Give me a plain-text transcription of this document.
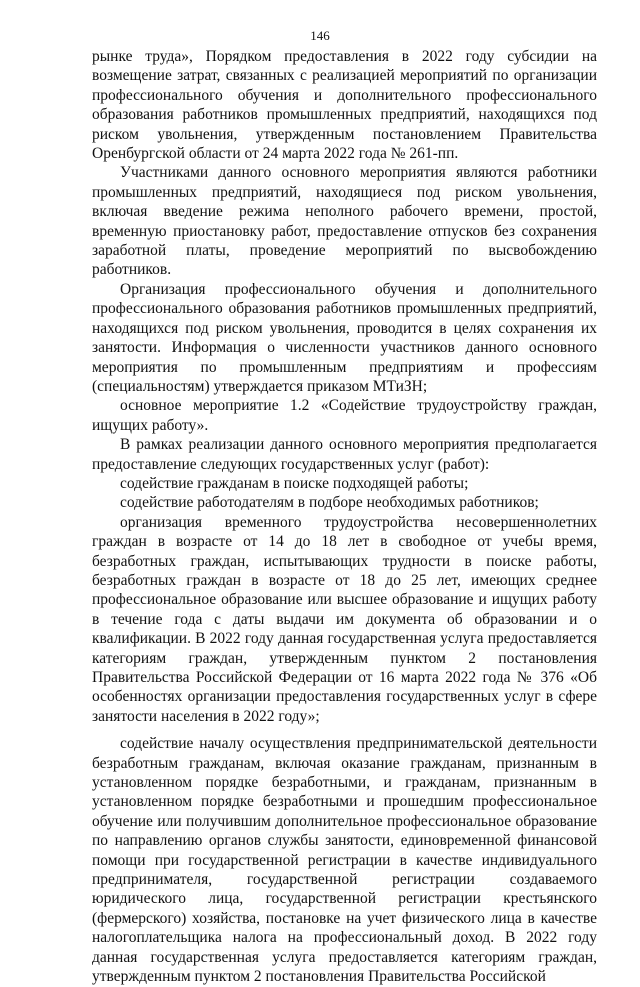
146

рынке труда», Порядком предоставления в 2022 году субсидии на возмещение затрат, связанных с реализацией мероприятий по организации профессионального обучения и дополнительного профессионального образования работников промышленных предприятий, находящихся под риском увольнения, утвержденным постановлением Правительства Оренбургской области от 24 марта 2022 года № 261-пп.

Участниками данного основного мероприятия являются работники промышленных предприятий, находящиеся под риском увольнения, включая введение режима неполного рабочего времени, простой, временную приостановку работ, предоставление отпусков без сохранения заработной платы, проведение мероприятий по высвобождению работников.

Организация профессионального обучения и дополнительного профессионального образования работников промышленных предприятий, находящихся под риском увольнения, проводится в целях сохранения их занятости. Информация о численности участников данного основного мероприятия по промышленным предприятиям и профессиям (специальностям) утверждается приказом МТиЗН;

основное мероприятие 1.2 «Содействие трудоустройству граждан, ищущих работу».

В рамках реализации данного основного мероприятия предполагается предоставление следующих государственных услуг (работ):

содействие гражданам в поиске подходящей работы;

содействие работодателям в подборе необходимых работников;

организация временного трудоустройства несовершеннолетних граждан в возрасте от 14 до 18 лет в свободное от учебы время, безработных граждан, испытывающих трудности в поиске работы, безработных граждан в возрасте от 18 до 25 лет, имеющих среднее профессиональное образование или высшее образование и ищущих работу в течение года с даты выдачи им документа об образовании и о квалификации. В 2022 году данная государственная услуга предоставляется категориям граждан, утвержденным пунктом 2 постановления Правительства Российской Федерации от 16 марта 2022 года № 376 «Об особенностях организации предоставления государственных услуг в сфере занятости населения в 2022 году»;

содействие началу осуществления предпринимательской деятельности безработным гражданам, включая оказание гражданам, признанным в установленном порядке безработными, и гражданам, признанным в установленном порядке безработными и прошедшим профессиональное обучение или получившим дополнительное профессиональное образование по направлению органов службы занятости, единовременной финансовой помощи при государственной регистрации в качестве индивидуального предпринимателя, государственной регистрации создаваемого юридического лица, государственной регистрации крестьянского (фермерского) хозяйства, постановке на учет физического лица в качестве налогоплательщика налога на профессиональный доход. В 2022 году данная государственная услуга предоставляется категориям граждан, утвержденным пунктом 2 постановления Правительства Российской
